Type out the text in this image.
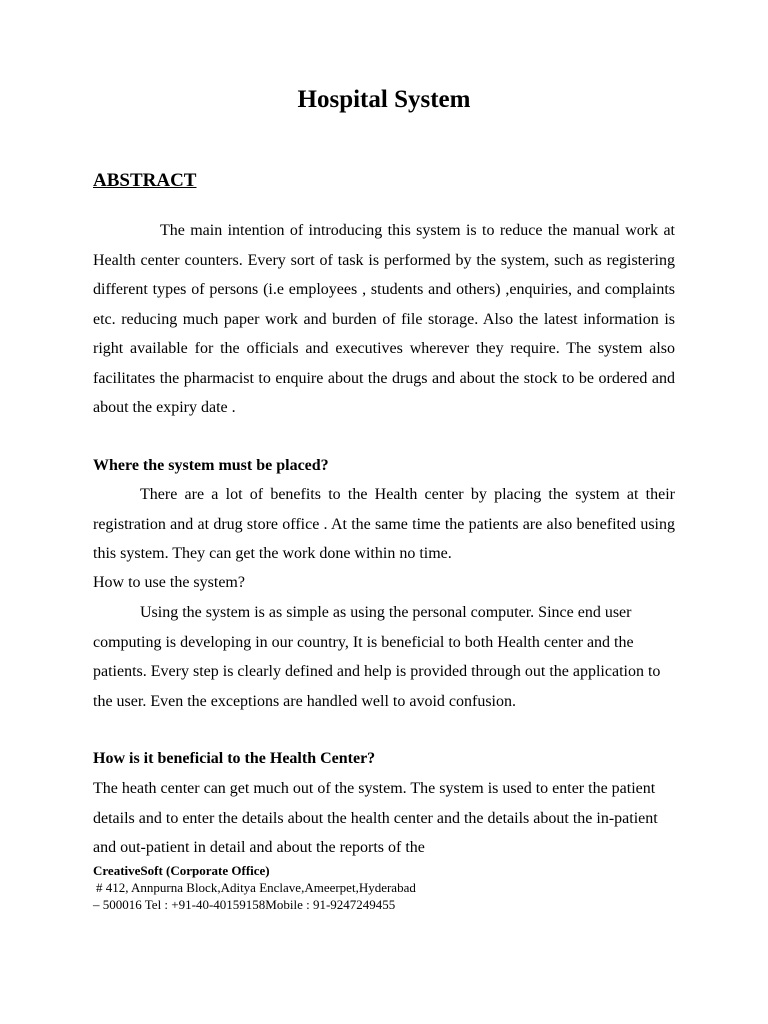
Hospital System
ABSTRACT
The main intention of introducing this system is to reduce the manual work at Health center counters. Every sort of task is performed by the system, such as registering different types of persons (i.e employees , students and others) ,enquiries, and complaints etc. reducing much paper work and burden of file storage. Also the latest information is right available for the officials and executives wherever they require. The system also facilitates the pharmacist to enquire about the drugs and about the stock to be ordered and about the expiry date .
Where the system must be placed?
There are a lot of benefits to the Health center by placing the system at their registration and at drug store office . At the same time the patients are also benefited using this system. They can get the work done within no time.
How to use the system?
Using the system is as simple as using the personal computer. Since end user computing is developing in our country, It is beneficial to both Health center and the patients. Every step is clearly defined and help is provided through out the application to the user. Even the exceptions are handled well to avoid confusion.
How is it beneficial to the Health Center?
The heath center can get much out of the system. The system is used to enter the patient details and to enter the details about the health center and the details about the in-patient and out-patient in detail and about the reports of the
CreativeSoft (Corporate Office)
# 412, Annpurna Block,Aditya Enclave,Ameerpet,Hyderabad
– 500016 Tel : +91-40-40159158Mobile : 91-9247249455
